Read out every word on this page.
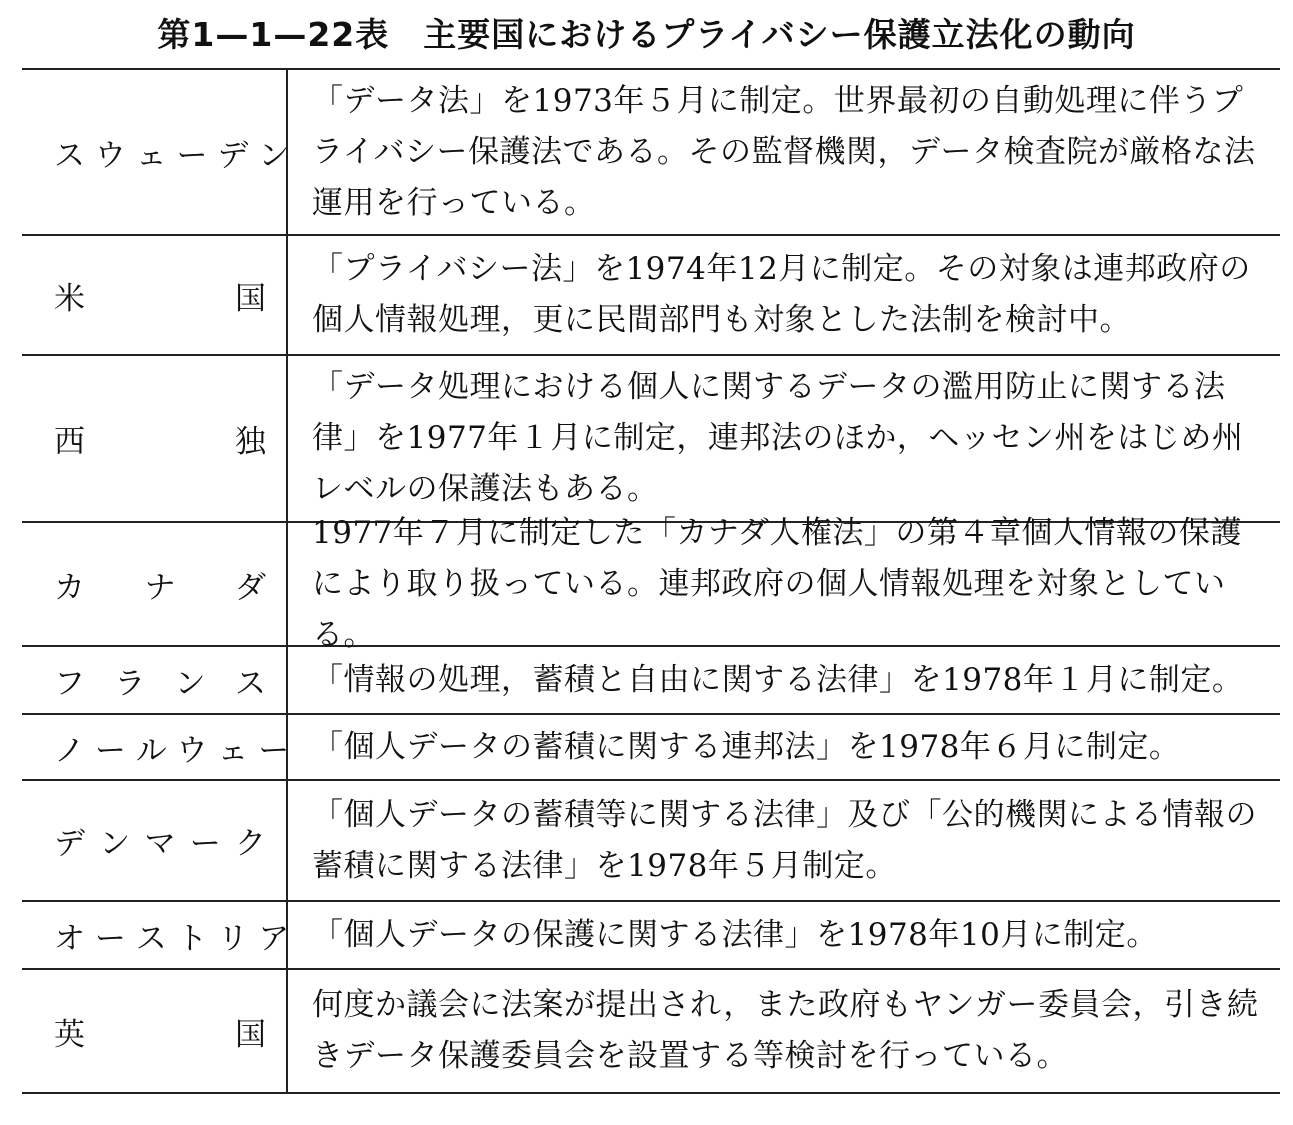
第1—1—22表　主要国におけるプライバシー保護立法化の動向
ス ウ ェ ー デ ン
「データ法」を1973年５月に制定。世界最初の自動処理に伴うプライバシー保護法である。その監督機関，データ検査院が厳格な法運用を行っている。
米 国
「プライバシー法」を1974年12月に制定。その対象は連邦政府の個人情報処理，更に民間部門も対象とした法制を検討中。
西 独
「データ処理における個人に関するデータの濫用防止に関する法律」を1977年１月に制定，連邦法のほか，ヘッセン州をはじめ州レベルの保護法もある。
カ ナ ダ
1977年７月に制定した「カナダ人権法」の第４章個人情報の保護により取り扱っている。連邦政府の個人情報処理を対象としている。
フ ラ ン ス 「情報の処理，蓄積と自由に関する法律」を1978年１月に制定。
ノ ー ル ウ ェ ー 「個人データの蓄積に関する連邦法」を1978年６月に制定。
デ ン マ ー ク
「個人データの蓄積等に関する法律」及び「公的機関による情報の蓄積に関する法律」を1978年５月制定。
オ ー ス ト リ ア 「個人データの保護に関する法律」を1978年10月に制定。
英 国
何度か議会に法案が提出され，また政府もヤンガー委員会，引き続きデータ保護委員会を設置する等検討を行っている。
